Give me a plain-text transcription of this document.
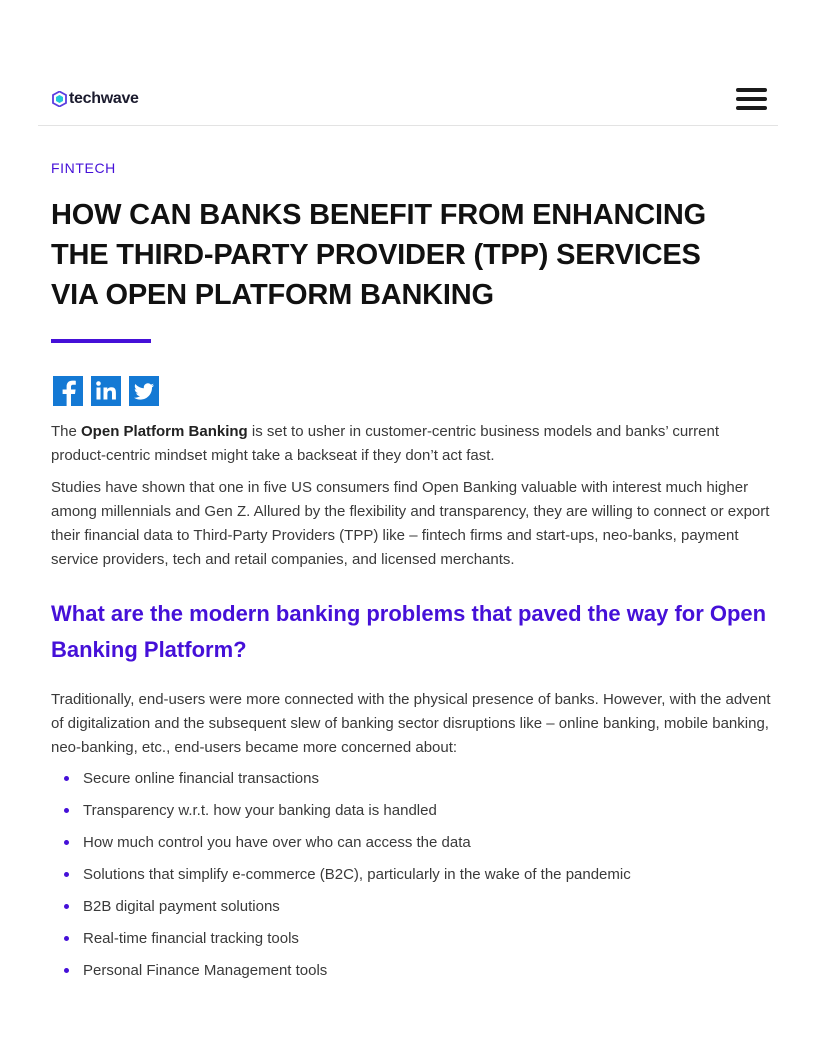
techwave
FINTECH
HOW CAN BANKS BENEFIT FROM ENHANCING
THE THIRD-PARTY PROVIDER (TPP) SERVICES
VIA OPEN PLATFORM BANKING

The Open Platform Banking is set to usher in customer-centric business models and banks’ current product-centric mindset might take a backseat if they don’t act fast.

Studies have shown that one in five US consumers find Open Banking valuable with interest much higher among millennials and Gen Z. Allured by the flexibility and transparency, they are willing to connect or export their financial data to Third-Party Providers (TPP) like – fintech firms and start-ups, neo-banks, payment service providers, tech and retail companies, and licensed merchants.

What are the modern banking problems that paved the way for Open Banking Platform?

Traditionally, end-users were more connected with the physical presence of banks. However, with the advent of digitalization and the subsequent slew of banking sector disruptions like – online banking, mobile banking, neo-banking, etc., end-users became more concerned about:

Secure online financial transactions
Transparency w.r.t. how your banking data is handled
How much control you have over who can access the data
Solutions that simplify e-commerce (B2C), particularly in the wake of the pandemic
B2B digital payment solutions
Real-time financial tracking tools
Personal Finance Management tools
